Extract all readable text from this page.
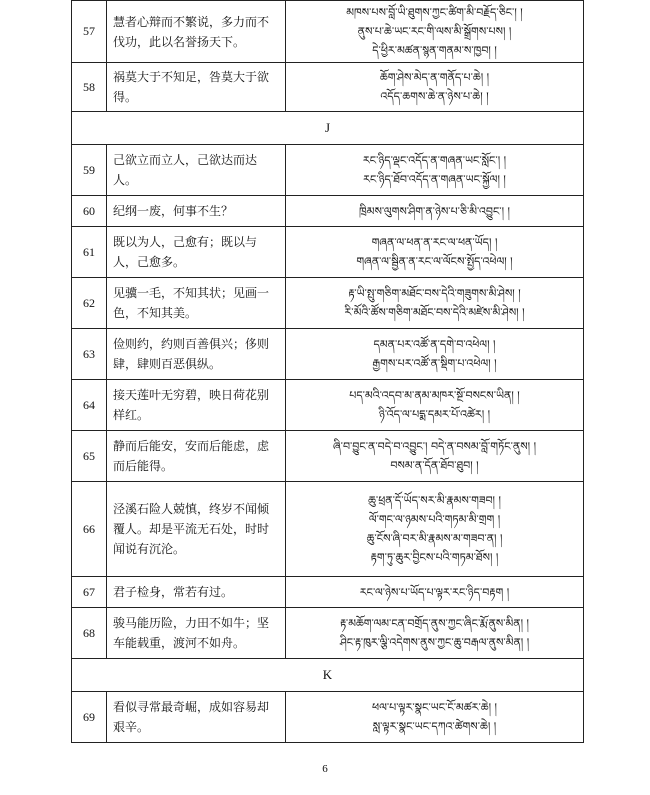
57	慧者心辩而不繁说，多力而不伐功，此以名誉扬天下。	མཁས་པས་བློ་ཡི་ཐུགས་ཀྱང་ཚིག་མི་བརྗོད་ཅིང་། །
ནུས་པ་ཆེ་ཡང་རང་གི་ལས་མི་སྒྲོགས་པས། །
དེ་ཕྱིར་མཚན་སྙན་གནམ་ས་ཁྱབ། །

58	祸莫大于不知足，咎莫大于欲得。	ཆོག་ཤེས་མེད་ན་གནོད་པ་ཆེ། །
འདོད་ཆགས་ཆེ་ན་ཉེས་པ་ཆེ། །

J		
59	己欲立而立人，己欲达而达人。	རང་ཉིད་ལྡང་འདོད་ན་གཞན་ཡང་སློང་། །
རང་ཉིད་ཐོབ་འདོད་ན་གཞན་ཡང་སྐྱོལ། །

60	纪纲一废，何事不生？	ཁྲིམས་ལུགས་ཤིག་ན་ཉེས་པ་ཅི་མི་འབྱུང་། །

61	既以为人，己愈有；既以与人，己愈多。	གཞན་ལ་ཕན་ན་རང་ལ་ཕན་ཡོད། །
གཞན་ལ་སྦྱིན་ན་རང་ལ་ལོངས་སྤྱོད་འཕེལ། །

62	见骥一毛，不知其状；见画一色，不知其美。	རྟ་ཡི་སྤུ་གཅིག་མཐོང་བས་དེའི་གཟུགས་མི་ཤེས། །
རི་མོའི་ཚོས་གཅིག་མཐོང་བས་དེའི་མཛེས་མི་ཤེས། །

63	俭则约，约则百善俱兴；侈则肆，肆则百恶俱纵。	དམན་པར་འཚོ་ན་དགེ་བ་འཕེལ། །
རྒྱགས་པར་འཚོ་ན་སྡིག་པ་འཕེལ། །

64	接天莲叶无穷碧，映日荷花别样红。	པད་མའི་འདབ་མ་ནམ་མཁར་སྔོ་བསངས་ཡིན། །
ཉི་འོད་ལ་པདྨ་དམར་པོ་འཚེར། །

65	静而后能安，安而后能虑，虑而后能得。	ཞི་བ་བྱུང་ན་བདེ་བ་འབྱུང་། བདེ་ན་བསམ་བློ་གཏོང་ནུས། །
བསམ་ན་དོན་ཐོབ་ཐུབ། །

66	泾溪石险人兢慎，终岁不闻倾覆人。却是平流无石处，时时闻说有沉沦。	ཆུ་ཕྲན་དོ་ཡོད་སར་མི་རྣམས་གཟབ། །
ལོ་གང་ལ་ཉམས་པའི་གཏམ་མི་གྲག །
ཆུ་ངོས་ཞི་བར་མི་རྣམས་མ་གཟབ་ན། །
རྟག་ཏུ་ཆུར་བྱིངས་པའི་གཏམ་ཐོས། །

67	君子检身，常若有过。	རང་ལ་ཉེས་པ་ཡོད་པ་ལྟར་རང་ཉིད་བརྟག །

68	骏马能历险，力田不如牛；坚车能载重，渡河不如舟。	རྟ་མཆོག་ལམ་ངན་བགྲོད་ནུས་ཀྱང་ཞིང་རྨོ་ནུས་མིན། །
ཤིང་རྟ་ཁུར་ལྕི་འདེགས་ནུས་ཀྱང་ཆུ་བརྒལ་ནུས་མིན། །

K		
69	看似寻常最奇崛，成如容易却艰辛。	ཕལ་པ་ལྟར་སྣང་ཡང་ངོ་མཚར་ཆེ། །
སླ་ལྟར་སྣང་ཡང་དཀའ་ཚེགས་ཆེ། །
6
